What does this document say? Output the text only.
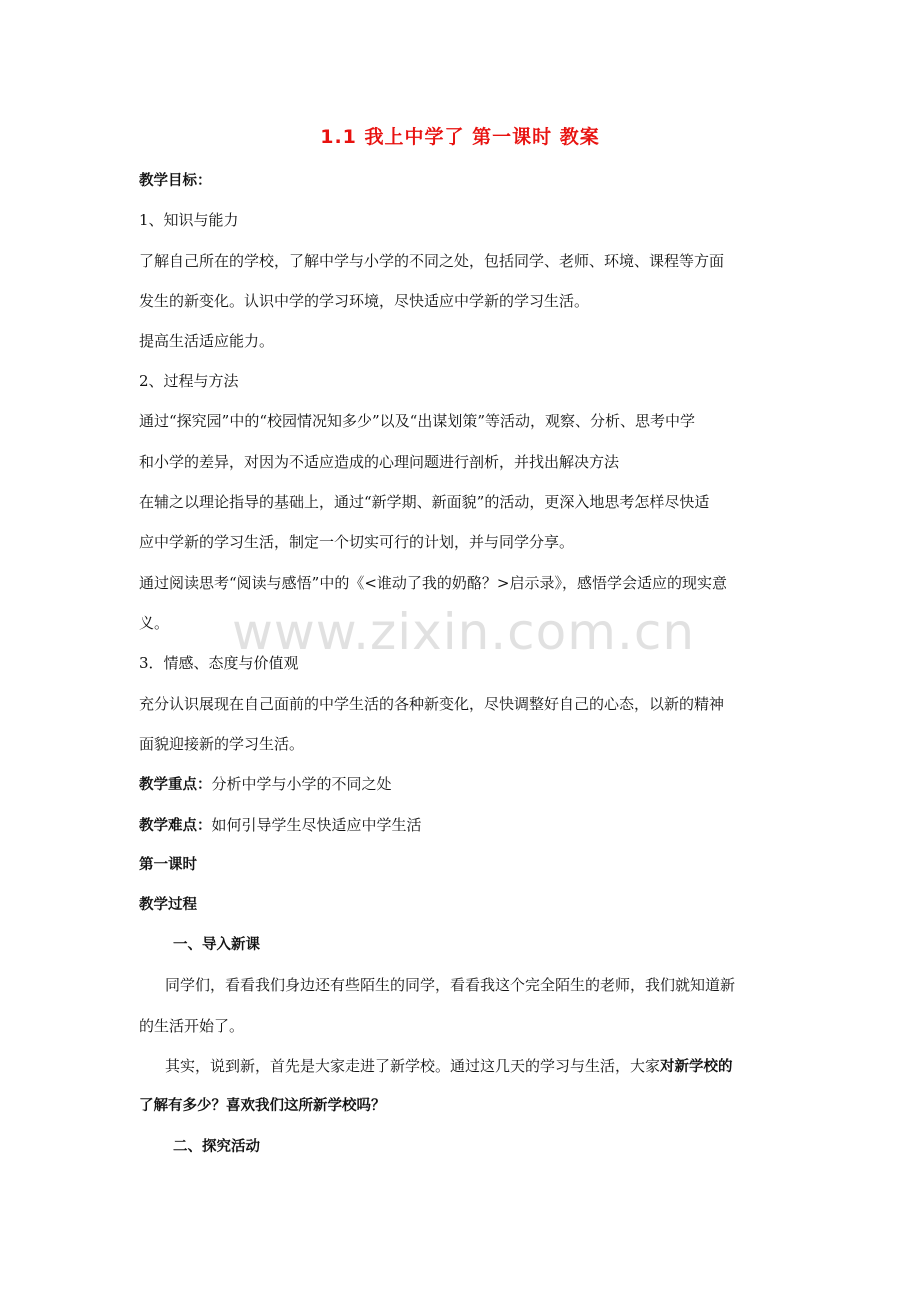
1.1 我上中学了 第一课时 教案
教学目标：
1、知识与能力
了解自己所在的学校，了解中学与小学的不同之处，包括同学、老师、环境、课程等方面
发生的新变化。认识中学的学习环境，尽快适应中学新的学习生活。
提高生活适应能力。
2、过程与方法
通过“探究园”中的“校园情况知多少”以及“出谋划策”等活动，观察、分析、思考中学
和小学的差异，对因为不适应造成的心理问题进行剖析，并找出解决方法
在辅之以理论指导的基础上，通过“新学期、新面貌”的活动，更深入地思考怎样尽快适
应中学新的学习生活，制定一个切实可行的计划，并与同学分享。
通过阅读思考“阅读与感悟”中的《<谁动了我的奶酪？>启示录》，感悟学会适应的现实意
义。
3．情感、态度与价值观
充分认识展现在自己面前的中学生活的各种新变化，尽快调整好自己的心态，以新的精神
面貌迎接新的学习生活。
教学重点：分析中学与小学的不同之处
教学难点：如何引导学生尽快适应中学生活
第一课时
教学过程
一、导入新课
同学们，看看我们身边还有些陌生的同学，看看我这个完全陌生的老师，我们就知道新
的生活开始了。
其实，说到新，首先是大家走进了新学校。通过这几天的学习与生活，大家对新学校的
了解有多少？喜欢我们这所新学校吗？
二、探究活动
www.zixin.com.cn
